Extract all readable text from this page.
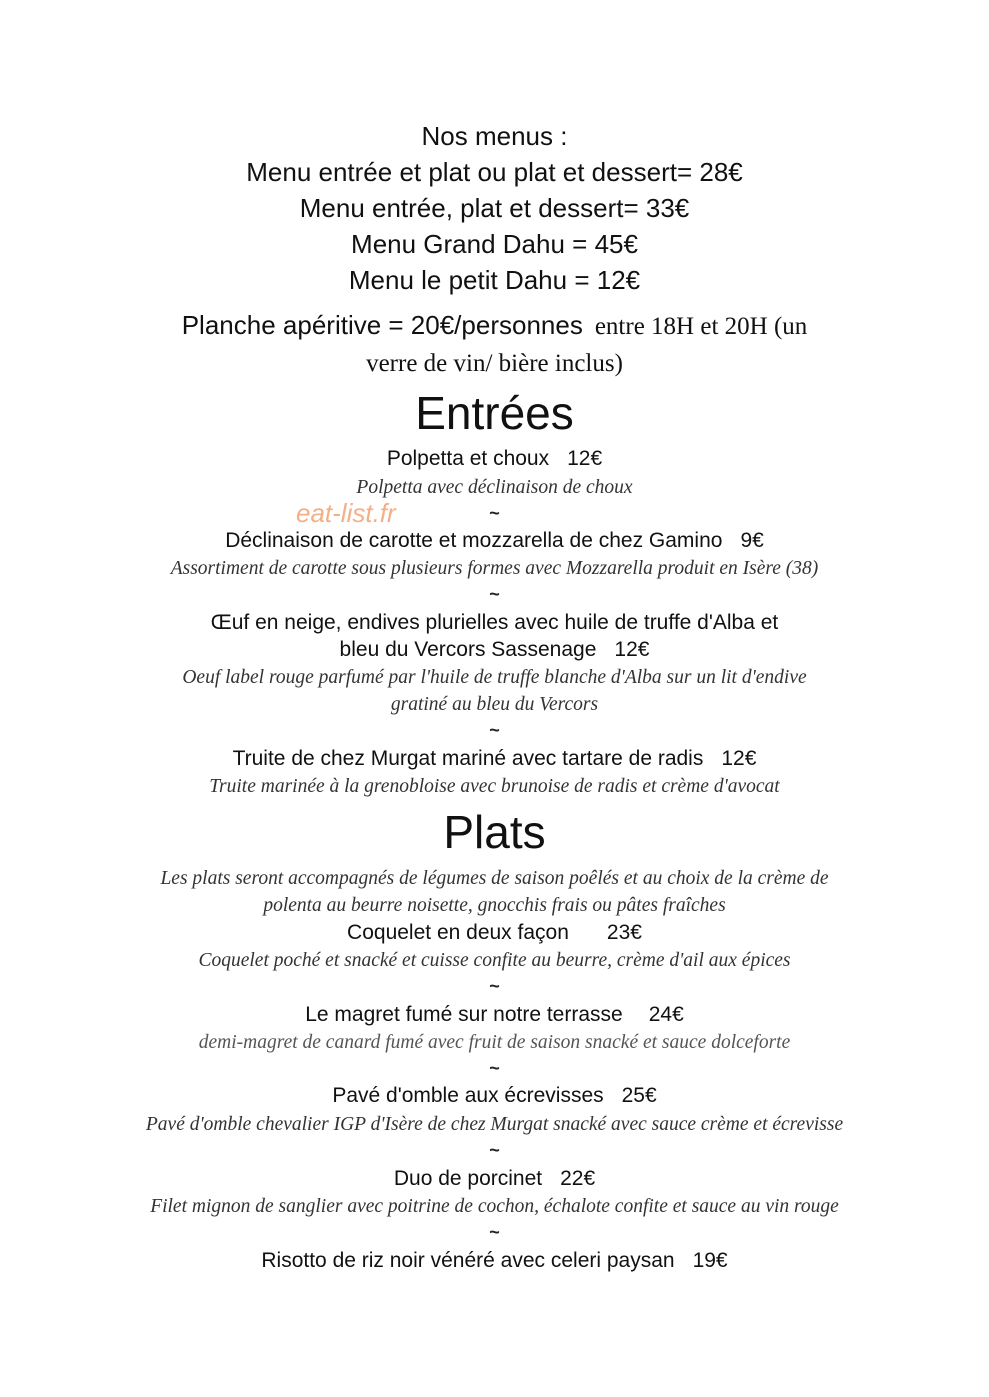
Nos menus :
Menu entrée et plat ou plat et dessert= 28€
Menu entrée, plat et dessert= 33€
Menu Grand Dahu = 45€
Menu le petit Dahu = 12€
Planche apéritive = 20€/personnes entre 18H et 20H (un
verre de vin/ bière inclus)
Entrées
Polpetta et choux 12€
Polpetta avec déclinaison de choux
~
Déclinaison de carotte et mozzarella de chez Gamino 9€
Assortiment de carotte sous plusieurs formes avec Mozzarella produit en Isère (38)
~
Œuf en neige, endives plurielles avec huile de truffe d'Alba et
bleu du Vercors Sassenage 12€
Oeuf label rouge parfumé par l'huile de truffe blanche d'Alba sur un lit d'endive
gratiné au bleu du Vercors
~
Truite de chez Murgat mariné avec tartare de radis 12€
Truite marinée à la grenobloise avec brunoise de radis et crème d'avocat
Plats
Les plats seront accompagnés de légumes de saison poêlés et au choix de la crème de
polenta au beurre noisette, gnocchis frais ou pâtes fraîches
Coquelet en deux façon 23€
Coquelet poché et snacké et cuisse confite au beurre, crème d'ail aux épices
~
Le magret fumé sur notre terrasse 24€
demi-magret de canard fumé avec fruit de saison snacké et sauce dolceforte
~
Pavé d'omble aux écrevisses 25€
Pavé d'omble chevalier IGP d'Isère de chez Murgat snacké avec sauce crème et écrevisse
~
Duo de porcinet 22€
Filet mignon de sanglier avec poitrine de cochon, échalote confite et sauce au vin rouge
~
Risotto de riz noir vénéré avec celeri paysan 19€
eat-list.fr
